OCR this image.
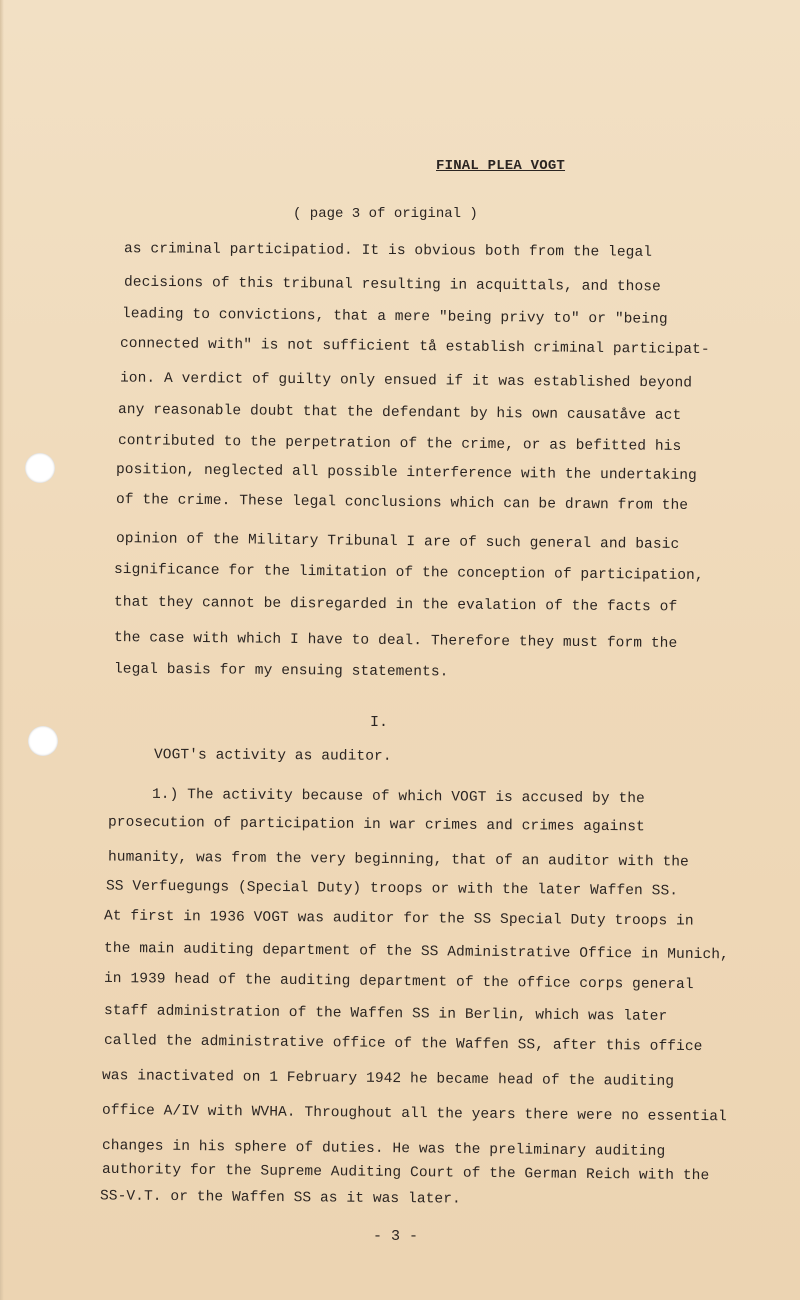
FINAL PLEA VOGT
( page 3 of original )
as criminal participatiod. It is obvious both from the legal
decisions of this tribunal resulting in acquittals, and those
leading to convictions, that a mere "being privy to" or "being
connected with" is not sufficient tå establish criminal participat-
ion. A verdict of guilty only ensued if it was established beyond
any reasonable doubt that the defendant by his own causatåve act
contributed to the perpetration of the crime, or as befitted his
position, neglected all possible interference with the undertaking
of the crime. These legal conclusions which can be drawn from the
opinion of the Military Tribunal I are of such general and basic
significance for the limitation of the conception of participation,
that they cannot be disregarded in the evalation of the facts of
the case with which I have to deal. Therefore they must form the
legal basis for my ensuing statements.
I.
VOGT's activity as auditor.
1.) The activity because of which VOGT is accused by the
prosecution of participation in war crimes and crimes against
humanity, was from the very beginning, that of an auditor with the
SS Verfuegungs (Special Duty) troops or with the later Waffen SS.
At first in 1936 VOGT was auditor for the SS Special Duty troops in
the main auditing department of the SS Administrative Office in Munich,
in 1939 head of the auditing department of the office corps general
staff administration of the Waffen SS in Berlin, which was later
called the administrative office of the Waffen SS, after this office
was inactivated on 1 February 1942 he became head of the auditing
office A/IV with WVHA. Throughout all the years there were no essential
changes in his sphere of duties. He was the preliminary auditing
authority for the Supreme Auditing Court of the German Reich with the
SS-V.T. or the Waffen SS as it was later.
- 3 -
